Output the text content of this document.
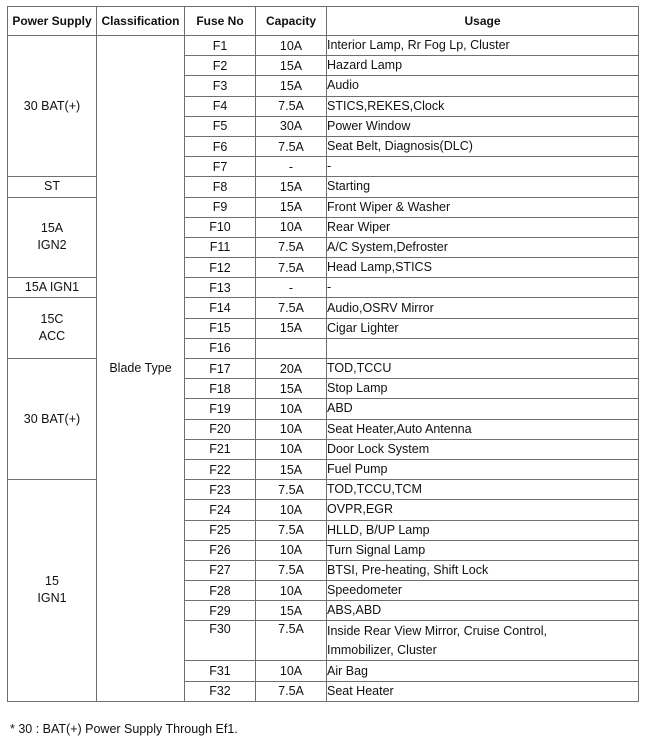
Power Supply	Classification	Fuse No	Capacity	Usage

30 BAT(+)	Blade Type	F1	10A	Interior Lamp, Rr Fog Lp, Cluster
		F2	15A	Hazard Lamp
		F3	15A	Audio
		F4	7.5A	STICS,REKES,Clock
		F5	30A	Power Window
		F6	7.5A	Seat Belt, Diagnosis(DLC)
		F7	-	-

ST		F8	15A	Starting

15A
IGN2		F9	15A	Front Wiper & Washer
		F10	10A	Rear Wiper
		F11	7.5A	A/C System,Defroster
		F12	7.5A	Head Lamp,STICS

15A IGN1		F13	-	-

15C
ACC		F14	7.5A	Audio,OSRV Mirror
		F15	15A	Cigar Lighter
		F16		

30 BAT(+)		F17	20A	TOD,TCCU
		F18	15A	Stop Lamp
		F19	10A	ABD
		F20	10A	Seat Heater,Auto Antenna
		F21	10A	Door Lock System
		F22	15A	Fuel Pump

15
IGN1		F23	7.5A	TOD,TCCU,TCM
		F24	10A	OVPR,EGR
		F25	7.5A	HLLD, B/UP Lamp
		F26	10A	Turn Signal Lamp
		F27	7.5A	BTSI, Pre-heating, Shift Lock
		F28	10A	Speedometer
		F29	15A	ABS,ABD
		F30	7.5A	Inside Rear View Mirror, Cruise Control,
Immobilizer, Cluster

		F31	10A	Air Bag
		F32	7.5A	Seat Heater
* 30 : BAT(+) Power Supply Through Ef1.
